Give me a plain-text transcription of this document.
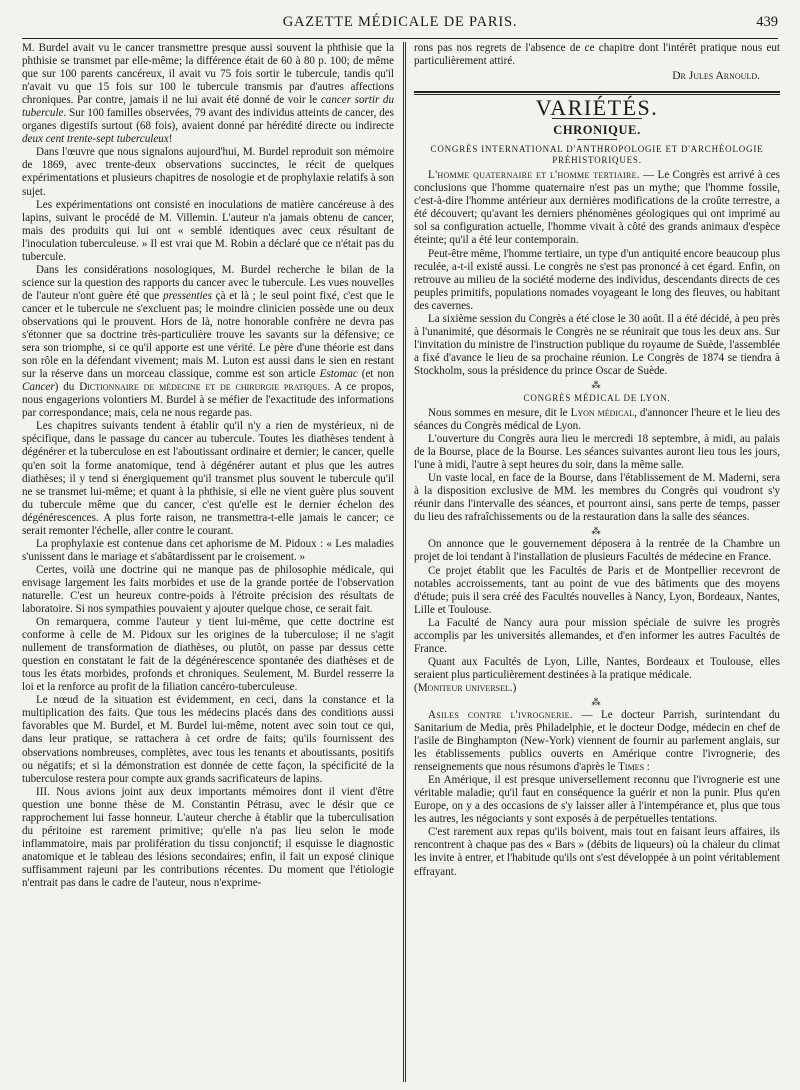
GAZETTE MÉDICALE DE PARIS.	439

M. Burdel avait vu le cancer transmettre presque aussi souvent la phthisie que la phthisie se transmet par elle-même; la différence était de 60 à 80 p. 100; de même que sur 100 parents cancéreux, il avait vu 75 fois sortir le tubercule, tandis qu'il n'avait vu que 15 fois sur 100 le tubercule transmis par d'autres affections chroniques. Par contre, jamais il ne lui avait été donné de voir le cancer sortir du tubercule. Sur 100 familles observées, 79 avant des individus atteints de cancer, des organes digestifs surtout (68 fois), avaient donné par hérédité directe ou indirecte deux cent trente-sept tuberculeux!

Dans l'œuvre que nous signalons aujourd'hui, M. Burdel reproduit son mémoire de 1869, avec trente-deux observations succinctes, le récit de quelques expérimentations et plusieurs chapitres de nosologie et de prophylaxie relatifs à son sujet.

Les expérimentations ont consisté en inoculations de matière cancéreuse à des lapins, suivant le procédé de M. Villemin. L'auteur n'a jamais obtenu de cancer, mais des produits qui lui ont « semblé identiques avec ceux résultant de l'inoculation tuberculeuse. » Il est vrai que M. Robin a déclaré que ce n'était pas du tubercule.

Dans les considérations nosologiques, M. Burdel recherche le bilan de la science sur la question des rapports du cancer avec le tubercule. Les vues nouvelles de l'auteur n'ont guère été que pressenties çà et là ; le seul point fixé, c'est que le cancer et le tubercule ne s'excluent pas; le moindre clinicien possède une ou deux observations qui le prouvent. Hors de là, notre honorable confrère ne devra pas s'étonner que sa doctrine très-particulière trouve les savants sur la défensive; ce sera son triomphe, si ce qu'il apporte est une vérité. Le père d'une théorie est dans son rôle en la défendant vivement; mais M. Luton est aussi dans le sien en restant sur la réserve dans un morceau classique, comme est son article Estomac (et non Cancer) du Dictionnaire de médecine et de chirurgie pratiques. A ce propos, nous engagerions volontiers M. Burdel à se méfier de l'exactitude des informations par correspondance; mais, cela ne nous regarde pas.

Les chapitres suivants tendent à établir qu'il n'y a rien de mystérieux, ni de spécifique, dans le passage du cancer au tubercule. Toutes les diathèses tendent à dégénérer et la tuberculose en est l'aboutissant ordinaire et dernier; le cancer, quelle qu'en soit la forme anatomique, tend à dégénérer autant et plus que les autres diathèses; il y tend si énergiquement qu'il transmet plus souvent le tubercule qu'il ne se transmet lui-même; et quant à la phthisie, si elle ne vient guère plus souvent du tubercule même que du cancer, c'est qu'elle est le dernier échelon des dégénérescences. A plus forte raison, ne transmettra-t-elle jamais le cancer; ce serait remonter l'échelle, aller contre le courant.

La prophylaxie est contenue dans cet aphorisme de M. Pidoux : « Les maladies s'unissent dans le mariage et s'abâtardissent par le croisement. »

Certes, voilà une doctrine qui ne manque pas de philosophie médicale, qui envisage largement les faits morbides et use de la grande portée de l'observation naturelle. C'est un heureux contre-poids à l'étroite précision des résultats de laboratoire. Si nos sympathies pouvaient y ajouter quelque chose, ce serait fait.

On remarquera, comme l'auteur y tient lui-même, que cette doctrine est conforme à celle de M. Pidoux sur les origines de la tuberculose; il ne s'agit nullement de transformation de diathèses, ou plutôt, on passe par dessus cette question en constatant le fait de la dégénérescence spontanée des diathèses et de tous les états morbides, profonds et chroniques. Seulement, M. Burdel resserre la loi et la renforce au profit de la filiation cancéro-tuberculeuse.

Le nœud de la situation est évidemment, en ceci, dans la constance et la multiplication des faits. Que tous les médecins placés dans des conditions aussi favorables que M. Burdel, et M. Burdel lui-même, notent avec soin tout ce qui, dans leur pratique, se rattachera à cet ordre de faits; qu'ils fournissent des observations nombreuses, complètes, avec tous les tenants et aboutissants, positifs ou négatifs; et si la démonstration est donnée de cette façon, la spécificité de la tuberculose restera pour compte aux grands sacrificateurs de lapins.

III. Nous avions joint aux deux importants mémoires dont il vient d'être question une bonne thèse de M. Constantin Pétrasu, avec le désir que ce rapprochement lui fasse honneur. L'auteur cherche à établir que la tuberculisation du péritoine est rarement primitive; qu'elle n'a pas lieu selon le mode inflammatoire, mais par prolifération du tissu conjonctif; il esquisse le diagnostic anatomique et le tableau des lésions secondaires; enfin, il fait un exposé clinique suffisamment rajeuni par les contributions récentes. Du moment que l'étiologie n'entrait pas dans le cadre de l'auteur, nous n'exprime-

rons pas nos regrets de l'absence de ce chapitre dont l'intérêt pratique nous eut particulièrement attiré.

Dr Jules Arnould.

VARIÉTÉS.
CHRONIQUE.
CONGRÈS INTERNATIONAL D'ANTHROPOLOGIE ET D'ARCHÉOLOGIE PRÉHISTORIQUES.

L'homme quaternaire et l'homme tertiaire. — Le Congrès est arrivé à ces conclusions que l'homme quaternaire n'est pas un mythe; que l'homme fossile, c'est-à-dire l'homme antérieur aux dernières modifications de la croûte terrestre, a été découvert; qu'avant les derniers phénomènes géologiques qui ont imprimé au sol sa configuration actuelle, l'homme vivait à côté des grands animaux d'espèce éteinte; qu'il a été leur contemporain.

Peut-être même, l'homme tertiaire, un type d'un antiquité encore beaucoup plus reculée, a-t-il existé aussi. Le congrès ne s'est pas prononcé à cet égard. Enfin, on retrouve au milieu de la société moderne des individus, descendants directs de ces peuples primitifs, populations nomades voyageant le long des fleuves, ou habitant des cavernes.

La sixième session du Congrès a été close le 30 août. Il a été décidé, à peu près à l'unanimité, que désormais le Congrès ne se réunirait que tous les deux ans. Sur l'invitation du ministre de l'instruction publique du royaume de Suède, l'assemblée a fixé d'avance le lieu de sa prochaine réunion. Le Congrès de 1874 se tiendra à Stockholm, sous la présidence du prince Oscar de Suède.

⁂
CONGRÈS MÉDICAL DE LYON.

Nous sommes en mesure, dit le Lyon médical, d'annoncer l'heure et le lieu des séances du Congrès médical de Lyon.

L'ouverture du Congrès aura lieu le mercredi 18 septembre, à midi, au palais de la Bourse, place de la Bourse. Les séances suivantes auront lieu tous les jours, l'une à midi, l'autre à sept heures du soir, dans la même salle.

Un vaste local, en face de la Bourse, dans l'établissement de M. Maderni, sera à la disposition exclusive de MM. les membres du Congrès qui voudront s'y réunir dans l'intervalle des séances, et pourront ainsi, sans perte de temps, passer du lieu des rafraîchissements ou de la restauration dans la salle des séances.

⁂

On annonce que le gouvernement déposera à la rentrée de la Chambre un projet de loi tendant à l'installation de plusieurs Facultés de médecine en France.

Ce projet établit que les Facultés de Paris et de Montpellier recevront de notables accroissements, tant au point de vue des bâtiments que des moyens d'étude; puis il sera créé des Facultés nouvelles à Nancy, Lyon, Bordeaux, Nantes, Lille et Toulouse.

La Faculté de Nancy aura pour mission spéciale de suivre les progrès accomplis par les universités allemandes, et d'en informer les autres Facultés de France.

Quant aux Facultés de Lyon, Lille, Nantes, Bordeaux et Toulouse, elles seraient plus particulièrement destinées à la pratique médicale.

(Moniteur universel.)

⁂

Asiles contre l'ivrognerie. — Le docteur Parrish, surintendant du Sanitarium de Media, près Philadelphie, et le docteur Dodge, médecin en chef de l'asile de Binghampton (New-York) viennent de fournir au parlement anglais, sur les établissements publics ouverts en Amérique contre l'ivrognerie, des renseignements que nous résumons d'après le Times :

En Amérique, il est presque universellement reconnu que l'ivrognerie est une véritable maladie; qu'il faut en conséquence la guérir et non la punir. Plus qu'en Europe, on y a des occasions de s'y laisser aller à l'intempérance et, plus que tous les autres, les négociants y sont exposés à de perpétuelles tentations.

C'est rarement aux repas qu'ils boivent, mais tout en faisant leurs affaires, ils rencontrent à chaque pas des « Bars » (débits de liqueurs) où la chaleur du climat les invite à entrer, et l'habitude qu'ils ont s'est développée à un point véritablement effrayant.
